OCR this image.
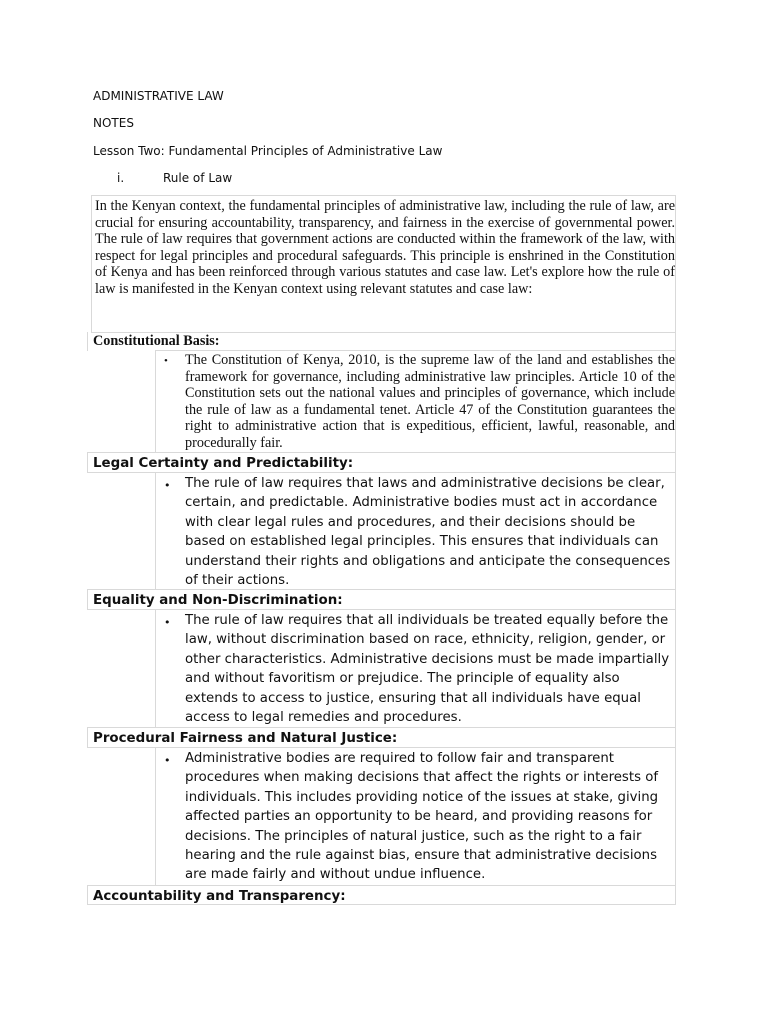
ADMINISTRATIVE LAW
NOTES
Lesson Two: Fundamental Principles of Administrative Law
i.	Rule of Law
In the Kenyan context, the fundamental principles of administrative law, including the rule of law, are crucial for ensuring accountability, transparency, and fairness in the exercise of governmental power. The rule of law requires that government actions are conducted within the framework of the law, with respect for legal principles and procedural safeguards. This principle is enshrined in the Constitution of Kenya and has been reinforced through various statutes and case law. Let's explore how the rule of law is manifested in the Kenyan context using relevant statutes and case law:
Constitutional Basis:
• The Constitution of Kenya, 2010, is the supreme law of the land and establishes the framework for governance, including administrative law principles. Article 10 of the Constitution sets out the national values and principles of governance, which include the rule of law as a fundamental tenet. Article 47 of the Constitution guarantees the right to administrative action that is expeditious, efficient, lawful, reasonable, and procedurally fair.
Legal Certainty and Predictability:
• The rule of law requires that laws and administrative decisions be clear, certain, and predictable. Administrative bodies must act in accordance with clear legal rules and procedures, and their decisions should be based on established legal principles. This ensures that individuals can understand their rights and obligations and anticipate the consequences of their actions.
Equality and Non-Discrimination:
• The rule of law requires that all individuals be treated equally before the law, without discrimination based on race, ethnicity, religion, gender, or other characteristics. Administrative decisions must be made impartially and without favoritism or prejudice. The principle of equality also extends to access to justice, ensuring that all individuals have equal access to legal remedies and procedures.
Procedural Fairness and Natural Justice:
• Administrative bodies are required to follow fair and transparent procedures when making decisions that affect the rights or interests of individuals. This includes providing notice of the issues at stake, giving affected parties an opportunity to be heard, and providing reasons for decisions. The principles of natural justice, such as the right to a fair hearing and the rule against bias, ensure that administrative decisions are made fairly and without undue influence.
Accountability and Transparency:
